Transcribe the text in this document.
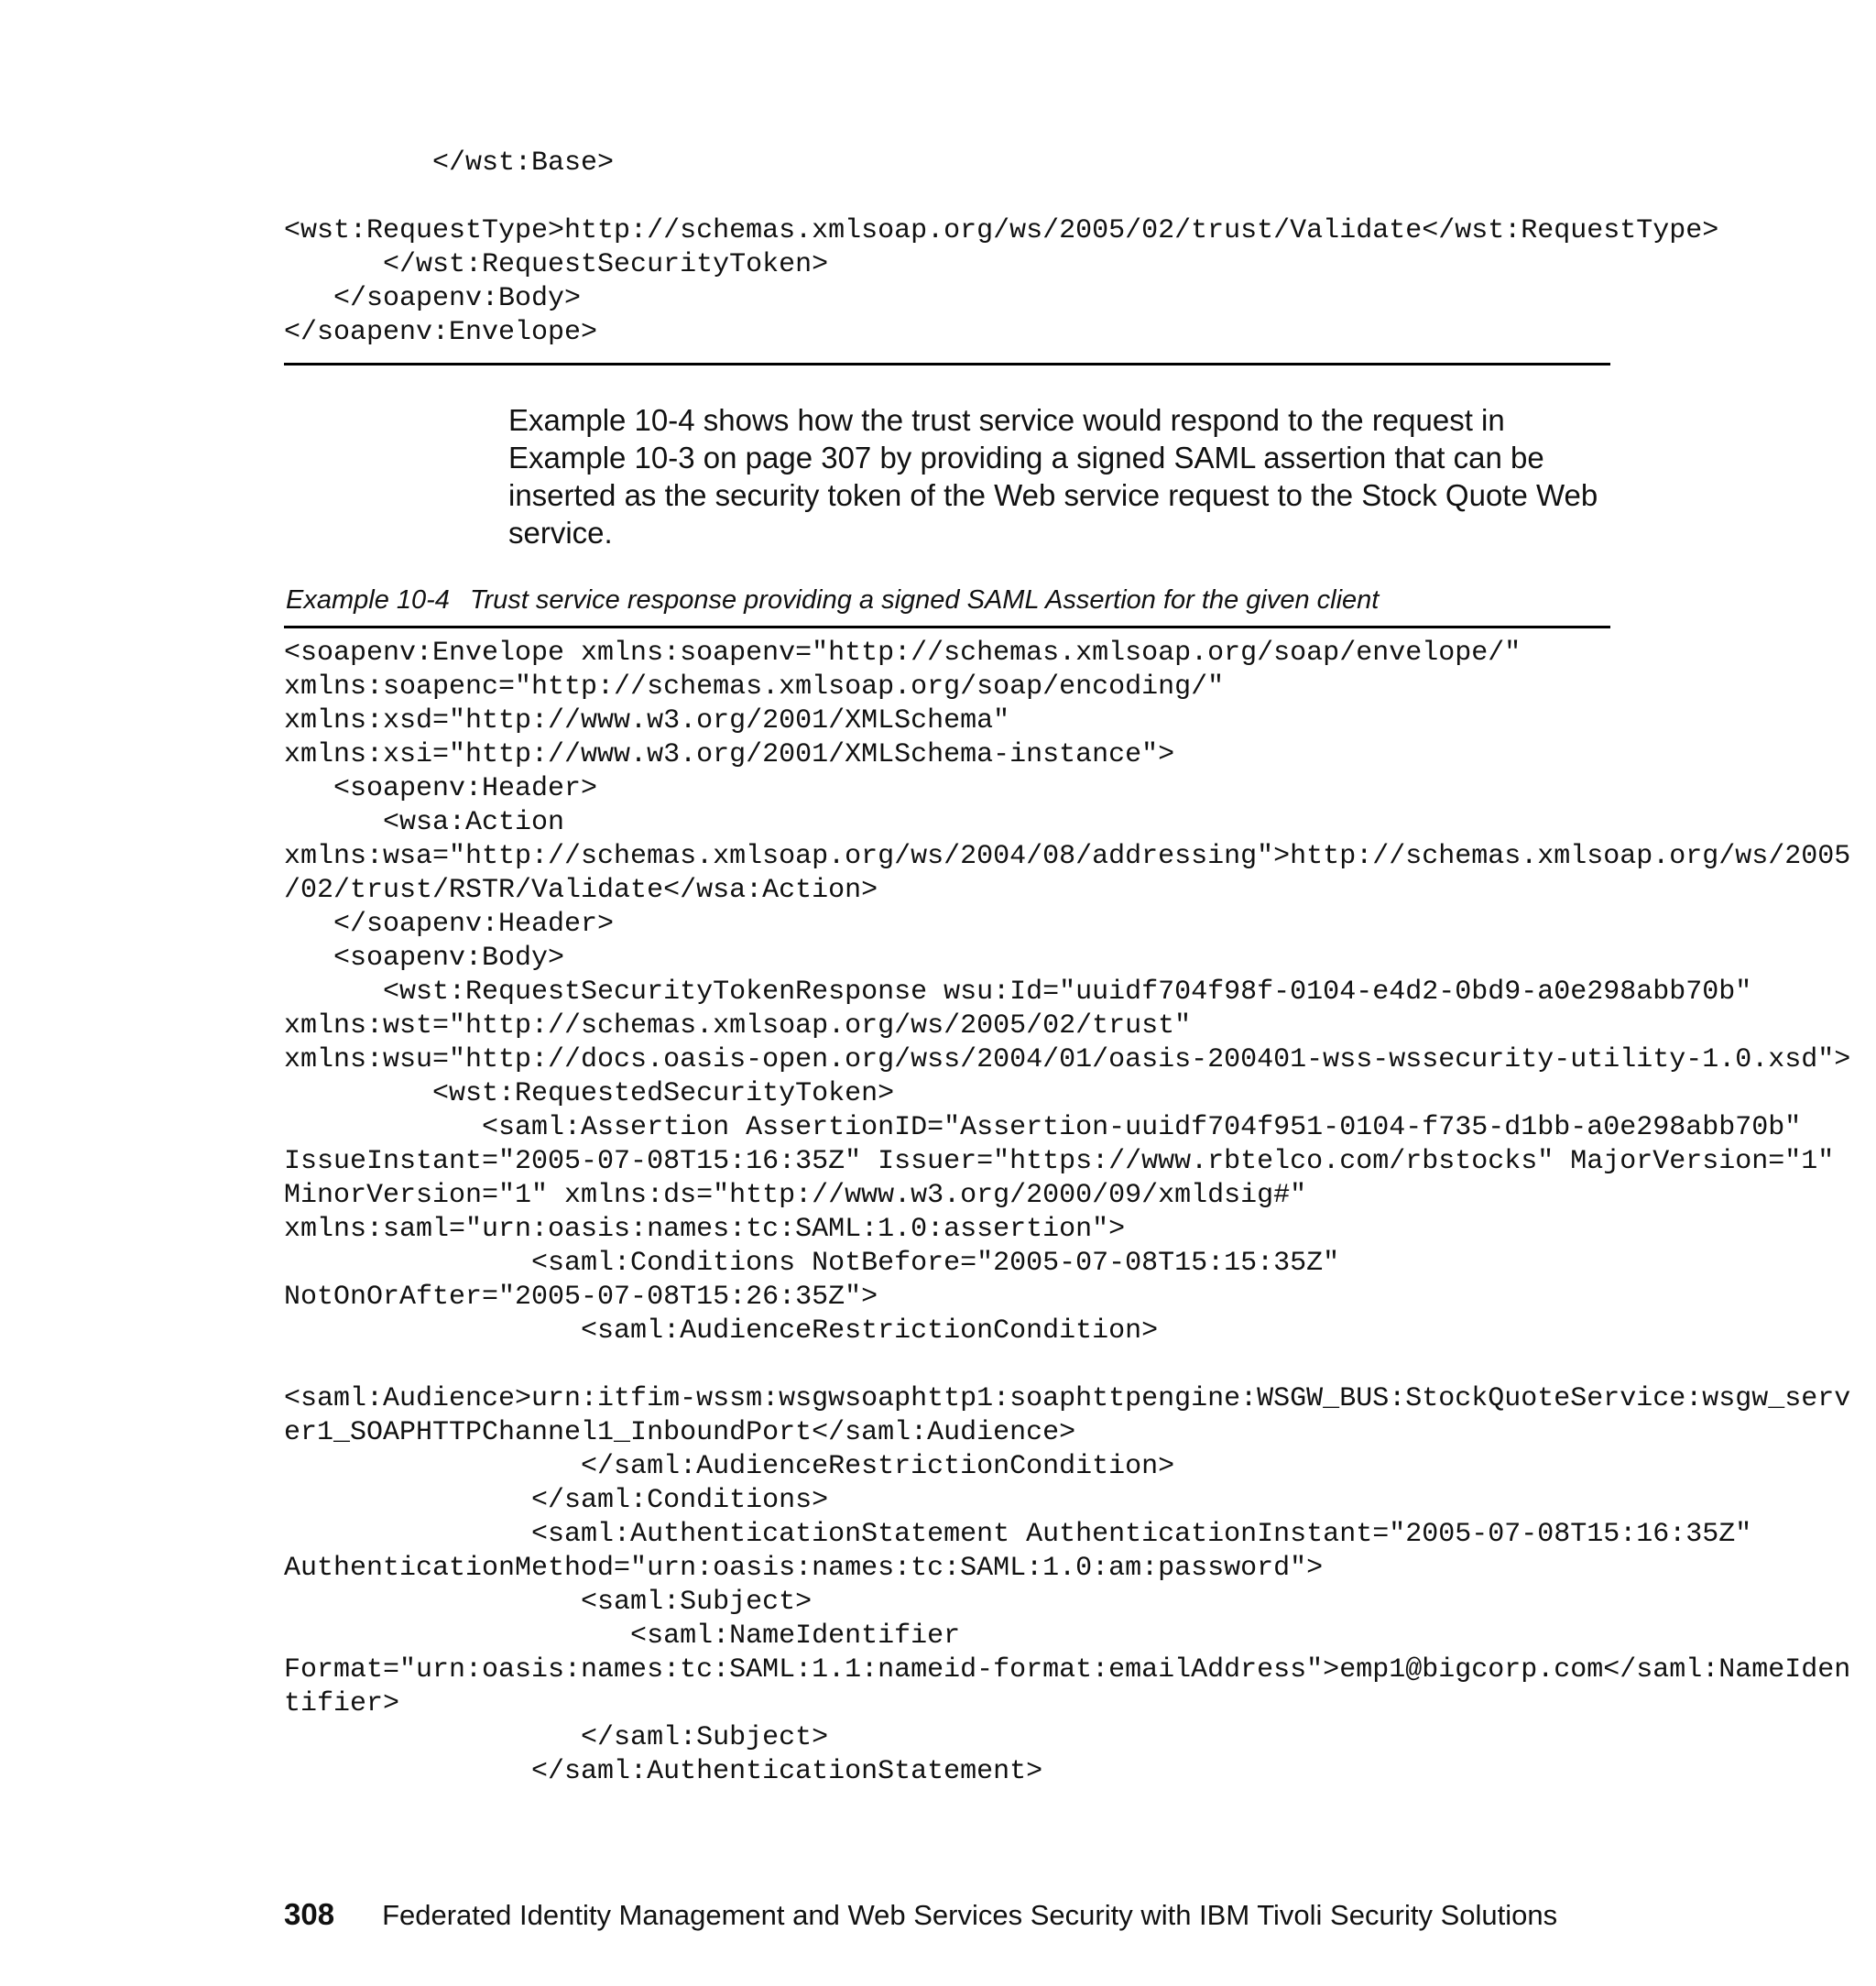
</wst:Base>

<wst:RequestType>http://schemas.xmlsoap.org/ws/2005/02/trust/Validate</wst:RequestType>
</wst:RequestSecurityToken>
</soapenv:Body>
</soapenv:Envelope>
Example 10-4 shows how the trust service would respond to the request in Example 10-3 on page 307 by providing a signed SAML assertion that can be inserted as the security token of the Web service request to the Stock Quote Web service.
Example 10-4 Trust service response providing a signed SAML Assertion for the given client
<soapenv:Envelope xmlns:soapenv="http://schemas.xmlsoap.org/soap/envelope/"
xmlns:soapenc="http://schemas.xmlsoap.org/soap/encoding/"
xmlns:xsd="http://www.w3.org/2001/XMLSchema"
xmlns:xsi="http://www.w3.org/2001/XMLSchema-instance">
<soapenv:Header>
<wsa:Action
xmlns:wsa="http://schemas.xmlsoap.org/ws/2004/08/addressing">http://schemas.xmlsoap.org/ws/2005
/02/trust/RSTR/Validate</wsa:Action>
</soapenv:Header>
<soapenv:Body>
<wst:RequestSecurityTokenResponse wsu:Id="uuidf704f98f-0104-e4d2-0bd9-a0e298abb70b"
xmlns:wst="http://schemas.xmlsoap.org/ws/2005/02/trust"
xmlns:wsu="http://docs.oasis-open.org/wss/2004/01/oasis-200401-wss-wssecurity-utility-1.0.xsd">
<wst:RequestedSecurityToken>
<saml:Assertion AssertionID="Assertion-uuidf704f951-0104-f735-d1bb-a0e298abb70b"
IssueInstant="2005-07-08T15:16:35Z" Issuer="https://www.rbtelco.com/rbstocks" MajorVersion="1"
MinorVersion="1" xmlns:ds="http://www.w3.org/2000/09/xmldsig#"
xmlns:saml="urn:oasis:names:tc:SAML:1.0:assertion">
<saml:Conditions NotBefore="2005-07-08T15:15:35Z"
NotOnOrAfter="2005-07-08T15:26:35Z">
<saml:AudienceRestrictionCondition>

<saml:Audience>urn:itfim-wssm:wsgwsoaphttp1:soaphttpengine:WSGW_BUS:StockQuoteService:wsgw_serv
er1_SOAPHTTPChannel1_InboundPort</saml:Audience>
</saml:AudienceRestrictionCondition>
</saml:Conditions>
<saml:AuthenticationStatement AuthenticationInstant="2005-07-08T15:16:35Z"
AuthenticationMethod="urn:oasis:names:tc:SAML:1.0:am:password">
<saml:Subject>
<saml:NameIdentifier
Format="urn:oasis:names:tc:SAML:1.1:nameid-format:emailAddress">emp1@bigcorp.com</saml:NameIden
tifier>
</saml:Subject>
</saml:AuthenticationStatement>
308 Federated Identity Management and Web Services Security with IBM Tivoli Security Solutions
